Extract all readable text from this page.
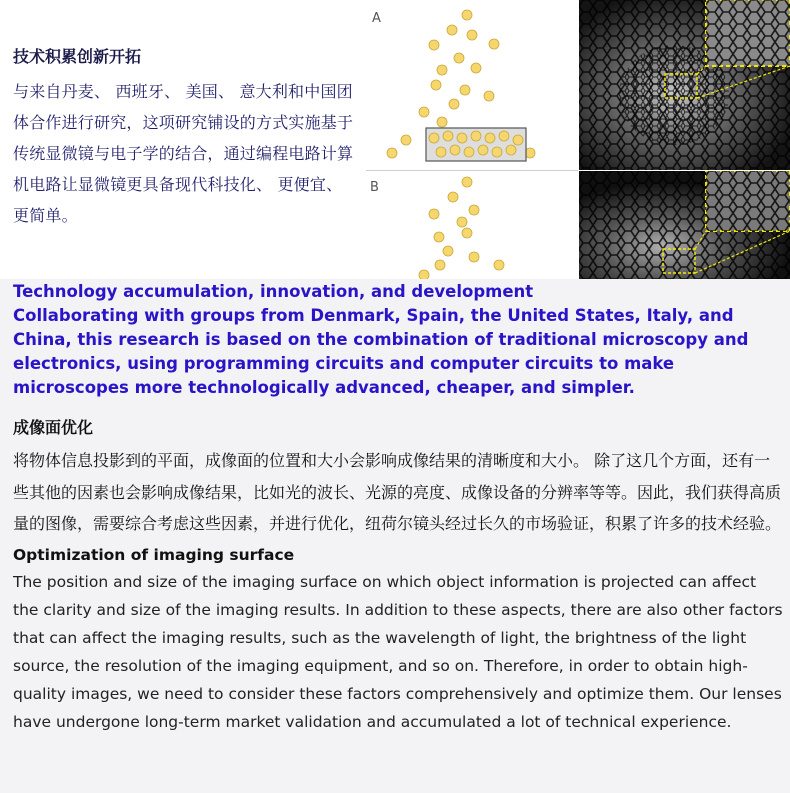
技术积累创新开拓

与来自丹麦、 西班牙、 美国、 意大利和中国团体合作进行研究，这项研究铺设的方式实施基于传统显微镜与电子学的结合，通过编程电路计算机电路让显微镜更具备现代科技化、 更便宜、 更简单。

A
B

Technology accumulation, innovation, and development

Collaborating with groups from Denmark, Spain, the United States, Italy, and China, this research is based on the combination of traditional microscopy and electronics, using programming circuits and computer circuits to make microscopes more technologically advanced, cheaper, and simpler.

成像面优化

将物体信息投影到的平面，成像面的位置和大小会影响成像结果的清晰度和大小。 除了这几个方面，还有一些其他的因素也会影响成像结果，比如光的波长、光源的亮度、成像设备的分辨率等等。因此，我们获得高质量的图像，需要综合考虑这些因素，并进行优化，纽荷尔镜头经过长久的市场验证，积累了许多的技术经验。

Optimization of imaging surface

The position and size of the imaging surface on which object information is projected can affect the clarity and size of the imaging results. In addition to these aspects, there are also other factors that can affect the imaging results, such as the wavelength of light, the brightness of the light source, the resolution of the imaging equipment, and so on. Therefore, in order to obtain high-quality images, we need to consider these factors comprehensively and optimize them. Our lenses have undergone long-term market validation and accumulated a lot of technical experience.
